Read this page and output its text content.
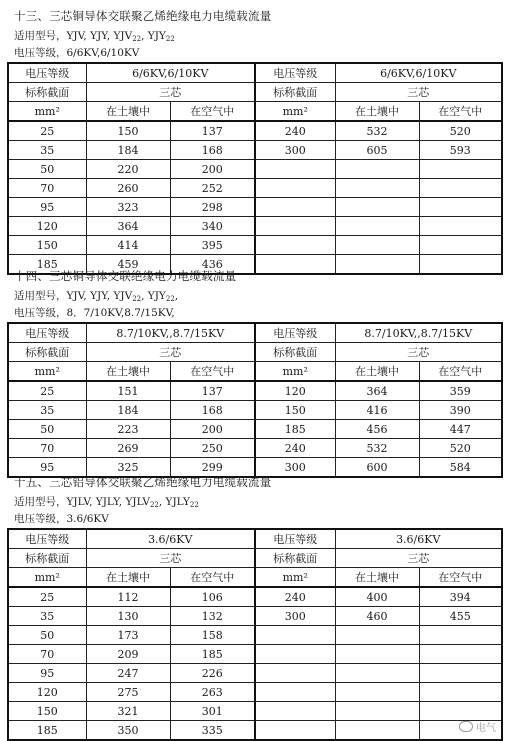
十三、三芯铜导体交联聚乙烯绝缘电力电缆载流量
适用型号，YJV, YJY, $YJV_{22}$, $YJY_{22}$
电压等级，6/6KV,6/10KV
电压等级	6/6KV,6/10KV		电压等级	6/6KV,6/10KV	
标称截面	三芯		标称截面	三芯	
mm²	在土壤中	在空气中	mm²	在土壤中	在空气中
25	150	137	240	532	520
35	184	168	300	605	593
50	220	200			
70	260	252			
95	323	298			
120	364	340			
150	414	395			
185	459	436			
十四、三芯铜导体交联绝缘电力电缆载流量
适用型号，YJV, YJY, $YJV_{22}$, $YJY_{22}$,
电压等级，8．7/10KV,8.7/15KV,
电压等级	8.7/10KV,,8.7/15KV		电压等级	8.7/10KV,,8.7/15KV	
标称截面	三芯		标称截面	三芯	
mm²	在土壤中	在空气中	mm²	在土壤中	在空气中
25	151	137	120	364	359
35	184	168	150	416	390
50	223	200	185	456	447
70	269	250	240	532	520
95	325	299	300	600	584
十五、三芯铝导体交联聚乙烯绝缘电力电缆载流量
适用型号，YJLV, YJLY, $YJLV_{22}$, $YJLY_{22}$
电压等级，3.6/6KV
电压等级	3.6/6KV		电压等级	3.6/6KV	
标称截面	三芯		标称截面	三芯	
mm²	在土壤中	在空气中	mm²	在土壤中	在空气中
25	112	106	240	400	394
35	130	132	300	460	455
50	173	158			
70	209	185			
95	247	226			
120	275	263			
150	321	301			
185	350	335				电气
